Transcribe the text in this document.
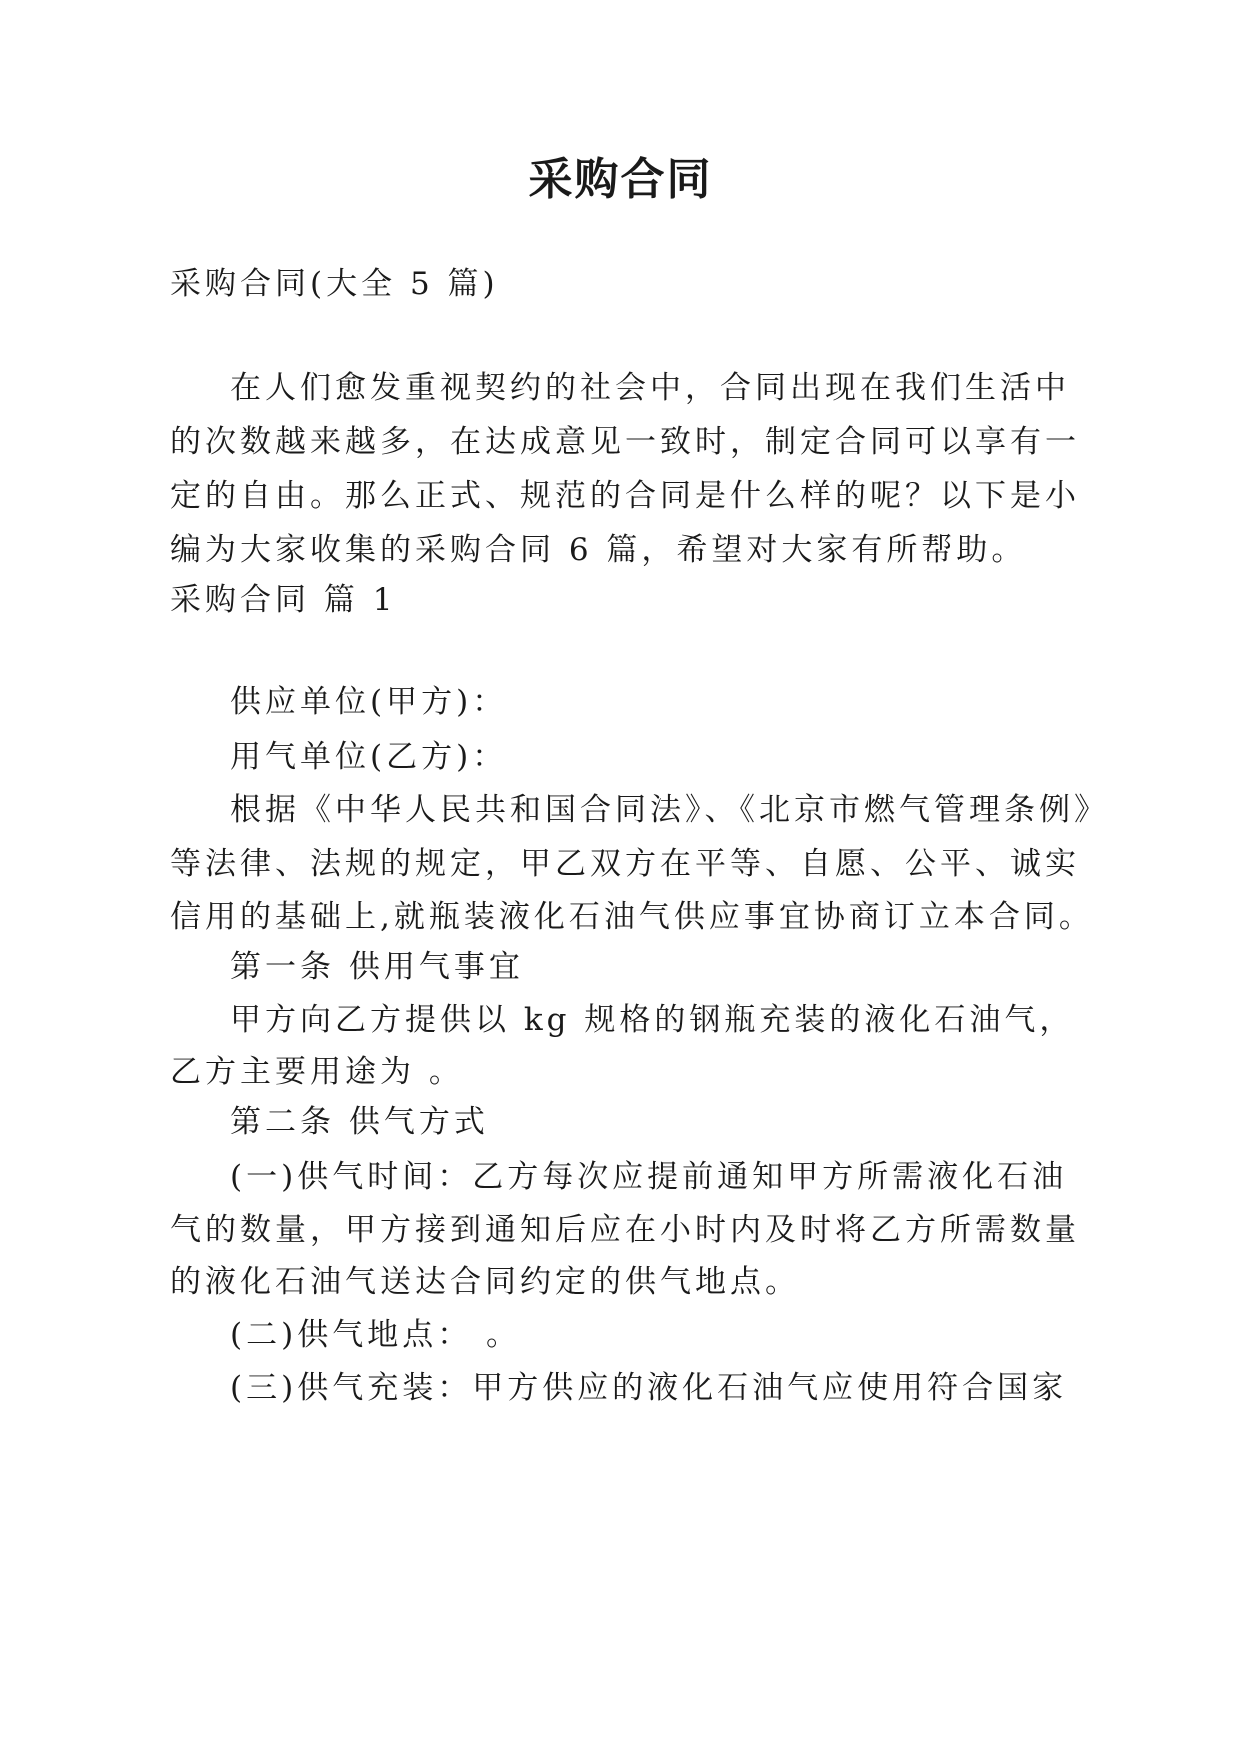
采购合同
采购合同(大全 5 篇)
在人们愈发重视契约的社会中，合同出现在我们生活中
的次数越来越多，在达成意见一致时，制定合同可以享有一
定的自由。那么正式、规范的合同是什么样的呢？以下是小
编为大家收集的采购合同 6 篇，希望对大家有所帮助。
采购合同 篇 1
供应单位(甲方)：
用气单位(乙方)：
根据《中华人民共和国合同法》、《北京市燃气管理条例》
等法律、法规的规定，甲乙双方在平等、自愿、公平、诚实
信用的基础上,就瓶装液化石油气供应事宜协商订立本合同。
第一条 供用气事宜
甲方向乙方提供以 kg 规格的钢瓶充装的液化石油气，
乙方主要用途为 。
第二条 供气方式
(一)供气时间：乙方每次应提前通知甲方所需液化石油
气的数量，甲方接到通知后应在小时内及时将乙方所需数量
的液化石油气送达合同约定的供气地点。
(二)供气地点： 。
(三)供气充装：甲方供应的液化石油气应使用符合国家
